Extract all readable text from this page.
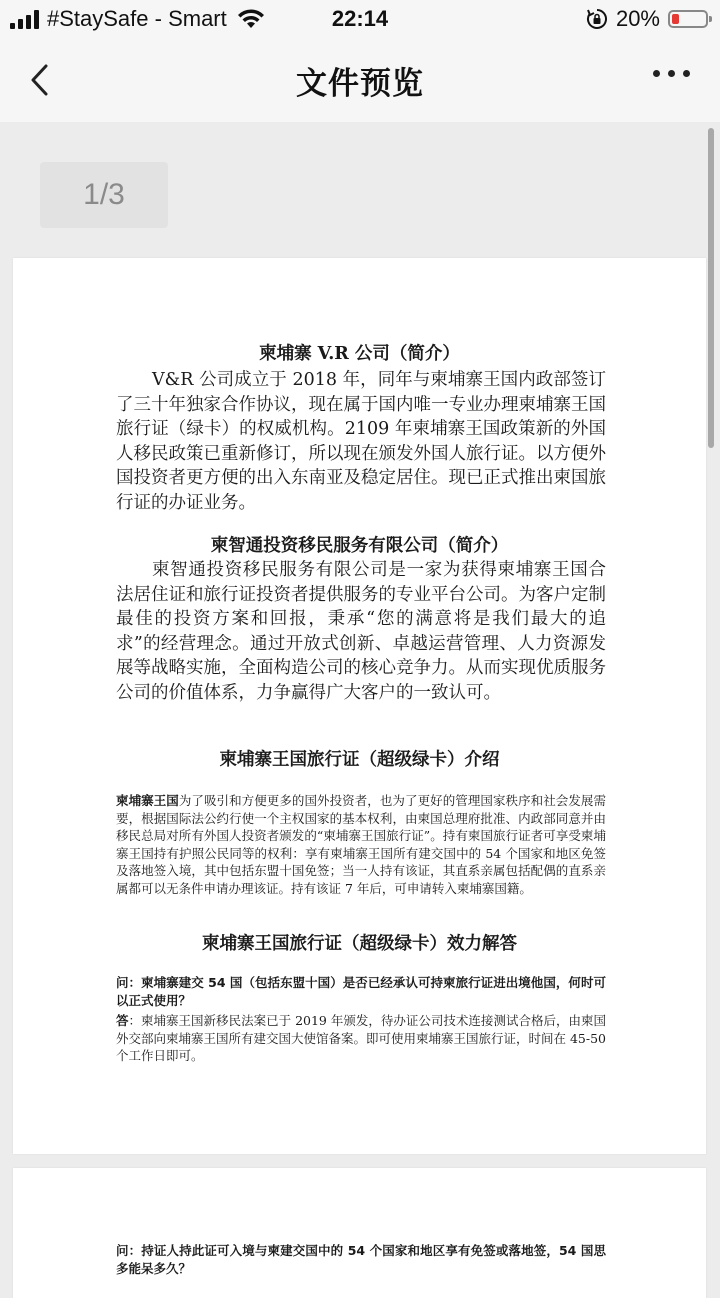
#StaySafe - Smart	22:14	20%
文件预览
1/3
柬埔寨 V.R 公司（简介）
V&R 公司成立于 2018 年，同年与柬埔寨王国内政部签订了三十年独家合作协议，现在属于国内唯一专业办理柬埔寨王国旅行证（绿卡）的权威机构。2109 年柬埔寨王国政策新的外国人移民政策已重新修订，所以现在颁发外国人旅行证。以方便外国投资者更方便的出入东南亚及稳定居住。现已正式推出柬国旅行证的办证业务。
柬智通投资移民服务有限公司（简介）
柬智通投资移民服务有限公司是一家为获得柬埔寨王国合法居住证和旅行证投资者提供服务的专业平台公司。为客户定制最佳的投资方案和回报，秉承“您的满意将是我们最大的追求”的经营理念。通过开放式创新、卓越运营管理、人力资源发展等战略实施，全面构造公司的核心竞争力。从而实现优质服务公司的价值体系，力争赢得广大客户的一致认可。
柬埔寨王国旅行证（超级绿卡）介绍
柬埔寨王国为了吸引和方便更多的国外投资者，也为了更好的管理国家秩序和社会发展需要，根据国际法公约行使一个主权国家的基本权利，由柬国总理府批准、内政部同意并由移民总局对所有外国人投资者颁发的“柬埔寨王国旅行证”。持有柬国旅行证者可享受柬埔寨王国持有护照公民同等的权利：享有柬埔寨王国所有建交国中的 54 个国家和地区免签及落地签入境，其中包括东盟十国免签；当一人持有该证，其直系亲属包括配偶的直系亲属都可以无条件申请办理该证。持有该证 7 年后，可申请转入柬埔寨国籍。
柬埔寨王国旅行证（超级绿卡）效力解答
问：柬埔寨建交 54 国（包括东盟十国）是否已经承认可持柬旅行证进出境他国，何时可以正式使用？
答：柬埔寨王国新移民法案已于 2019 年颁发，待办证公司技术连接测试合格后，由柬国外交部向柬埔寨王国所有建交国大使馆备案。即可使用柬埔寨王国旅行证，时间在 45-50 个工作日即可。
问：持证人持此证可入境与柬建交国中的 54 个国家和地区享有免签或落地签，54 国思多能呆多久？
